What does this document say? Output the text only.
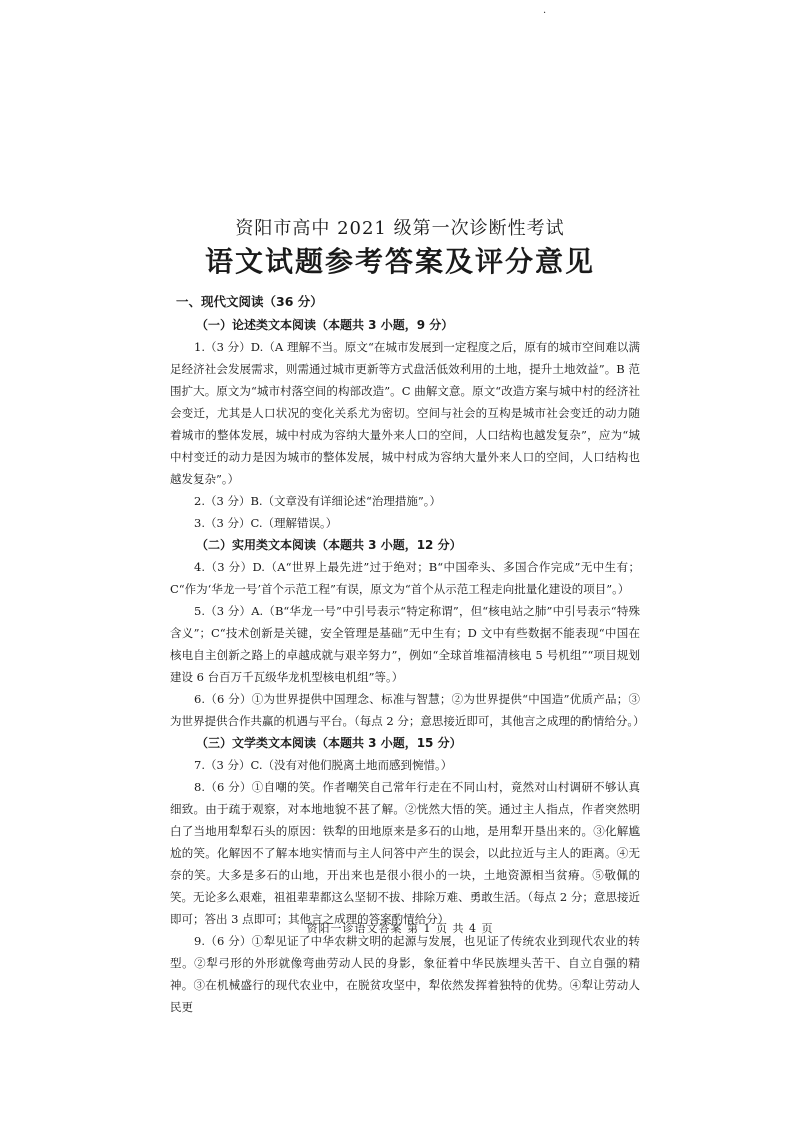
·
资阳市高中 2021 级第一次诊断性考试
语文试题参考答案及评分意见
一、现代文阅读（36 分）
（一）论述类文本阅读（本题共 3 小题，9 分）

1.（3 分）D.（A 理解不当。原文“在城市发展到一定程度之后，原有的城市空间难以满足经济社会发展需求，则需通过城市更新等方式盘活低效利用的土地，提升土地效益”。B 范围扩大。原文为“城市村落空间的构部改造”。C 曲解文意。原文“改造方案与城中村的经济社会变迁，尤其是人口状况的变化关系尤为密切。空间与社会的互构是城市社会变迁的动力随着城市的整体发展，城中村成为容纳大量外来人口的空间，人口结构也越发复杂”，应为“城中村变迁的动力是因为城市的整体发展，城中村成为容纳大量外来人口的空间，人口结构也越发复杂”。）

2.（3 分）B.（文章没有详细论述“治理措施”。）

3.（3 分）C.（理解错误。）

（二）实用类文本阅读（本题共 3 小题，12 分）

4.（3 分）D.（A“世界上最先进”过于绝对；B“中国牵头、多国合作完成”无中生有；C“作为‘华龙一号’首个示范工程”有误，原文为“首个从示范工程走向批量化建设的项目”。）

5.（3 分）A.（B“华龙一号”中引号表示“特定称谓”，但“核电站之肺”中引号表示“特殊含义”；C“技术创新是关键，安全管理是基础”无中生有；D 文中有些数据不能表现“中国在核电自主创新之路上的卓越成就与艰辛努力”，例如“全球首堆福清核电 5 号机组”“项目规划建设 6 台百万千瓦级华龙机型核电机组”等。）

6.（6 分）①为世界提供中国理念、标准与智慧；②为世界提供“中国造”优质产品；③为世界提供合作共赢的机遇与平台。（每点 2 分；意思接近即可，其他言之成理的酌情给分。）

（三）文学类文本阅读（本题共 3 小题，15 分）

7.（3 分）C.（没有对他们脱离土地而感到惋惜。）

8.（6 分）①自嘲的笑。作者嘲笑自己常年行走在不同山村，竟然对山村调研不够认真细致。由于疏于观察，对本地地貌不甚了解。②恍然大悟的笑。通过主人指点，作者突然明白了当地用犁犁石头的原因：铁犁的田地原来是多石的山地，是用犁开垦出来的。③化解尴尬的笑。化解因不了解本地实情而与主人问答中产生的误会，以此拉近与主人的距离。④无奈的笑。大多是多石的山地，开出来也是很小很小的一块，土地资源相当贫瘠。⑤敬佩的笑。无论多么艰难，祖祖辈辈都这么坚韧不拔、排除万难、勇敢生活。（每点 2 分；意思接近即可；答出 3 点即可；其他言之成理的答案酌情给分）

9.（6 分）①犁见证了中华农耕文明的起源与发展，也见证了传统农业到现代农业的转型。②犁弓形的外形就像弯曲劳动人民的身影，象征着中华民族埋头苦干、自立自强的精神。③在机械盛行的现代农业中，在脱贫攻坚中，犁依然发挥着独特的优势。④犁让劳动人民更

资阳一诊语文答案 第 1 页 共 4 页
